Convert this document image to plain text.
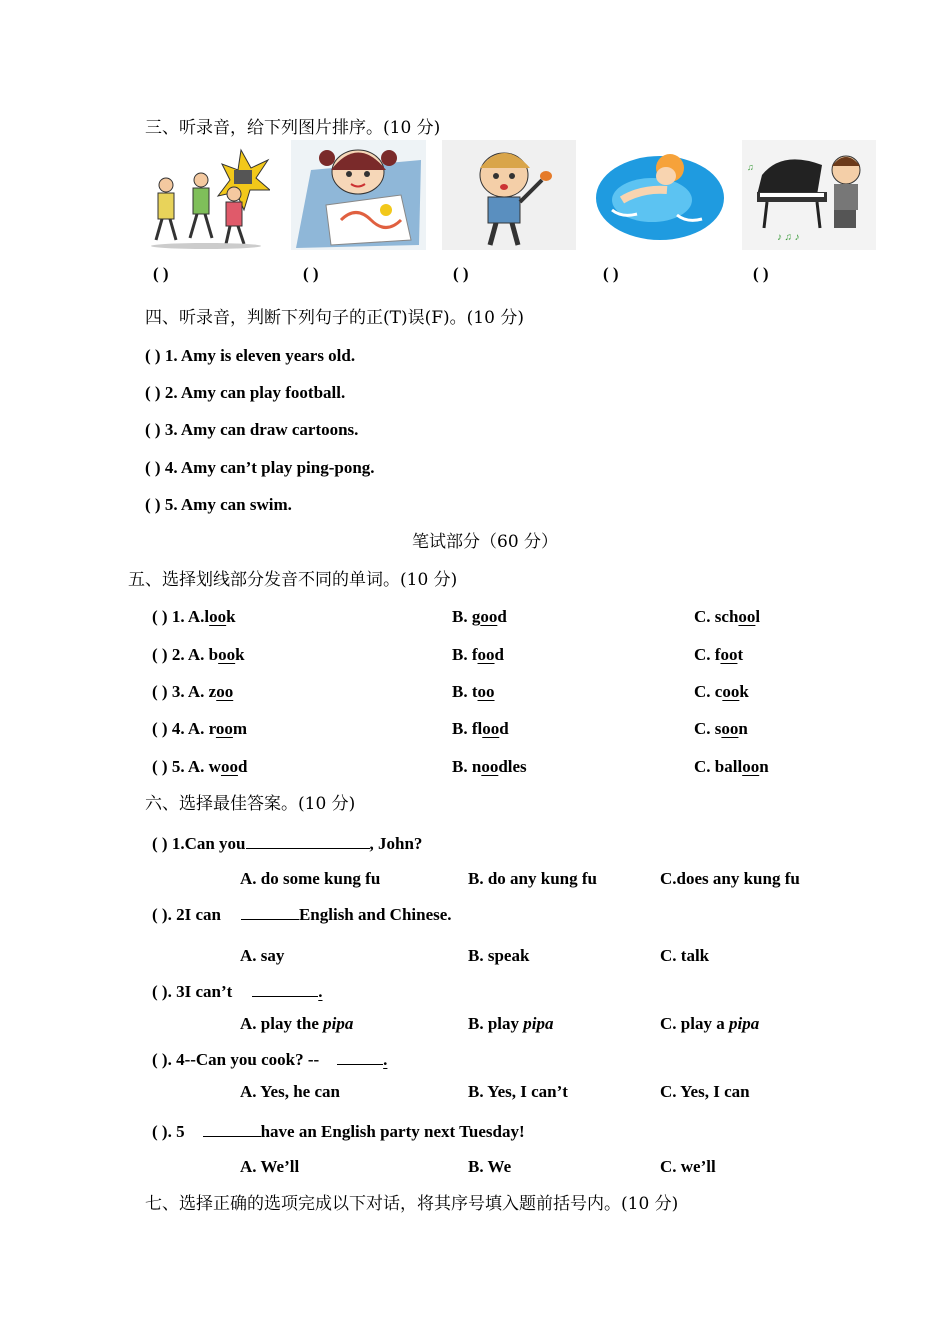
三、听录音，给下列图片排序。(10 分)
♪ ♫ ♪
♫
( )	( )	( )	( )	( )
四、听录音，判断下列句子的正(T)误(F)。(10 分)
( ) 1. Amy is eleven years old.
( ) 2. Amy can play football.
( ) 3. Amy can draw cartoons.
( ) 4. Amy can’t play ping-pong.
( ) 5. Amy can swim.
笔试部分（60 分）
五、选择划线部分发音不同的单词。(10 分)
( ) 1. A.look	B. good	C. school
( ) 2. A. book	B. food	C. foot
( ) 3. A. zoo	B. too	C. cook
( ) 4. A. room	B. flood	C. soon
( ) 5. A. wood	B. noodles	C. balloon
六、选择最佳答案。(10 分)
( ) 1.Can you	, John?
A. do some kung fu	B. do any kung fu	C.does any kung fu
( ). 2I can	English and Chinese.
A. say	B. speak	C. talk
( ). 3I can’t	.
A. play the pipa	B. play pipa	C. play a pipa
( ). 4--Can you cook? --	.
A. Yes, he can	B. Yes, I can’t	C. Yes, I can
( ). 5	have an English party next Tuesday!
A. We’ll	B. We	C. we’ll
七、选择正确的选项完成以下对话，将其序号填入题前括号内。(10 分)
